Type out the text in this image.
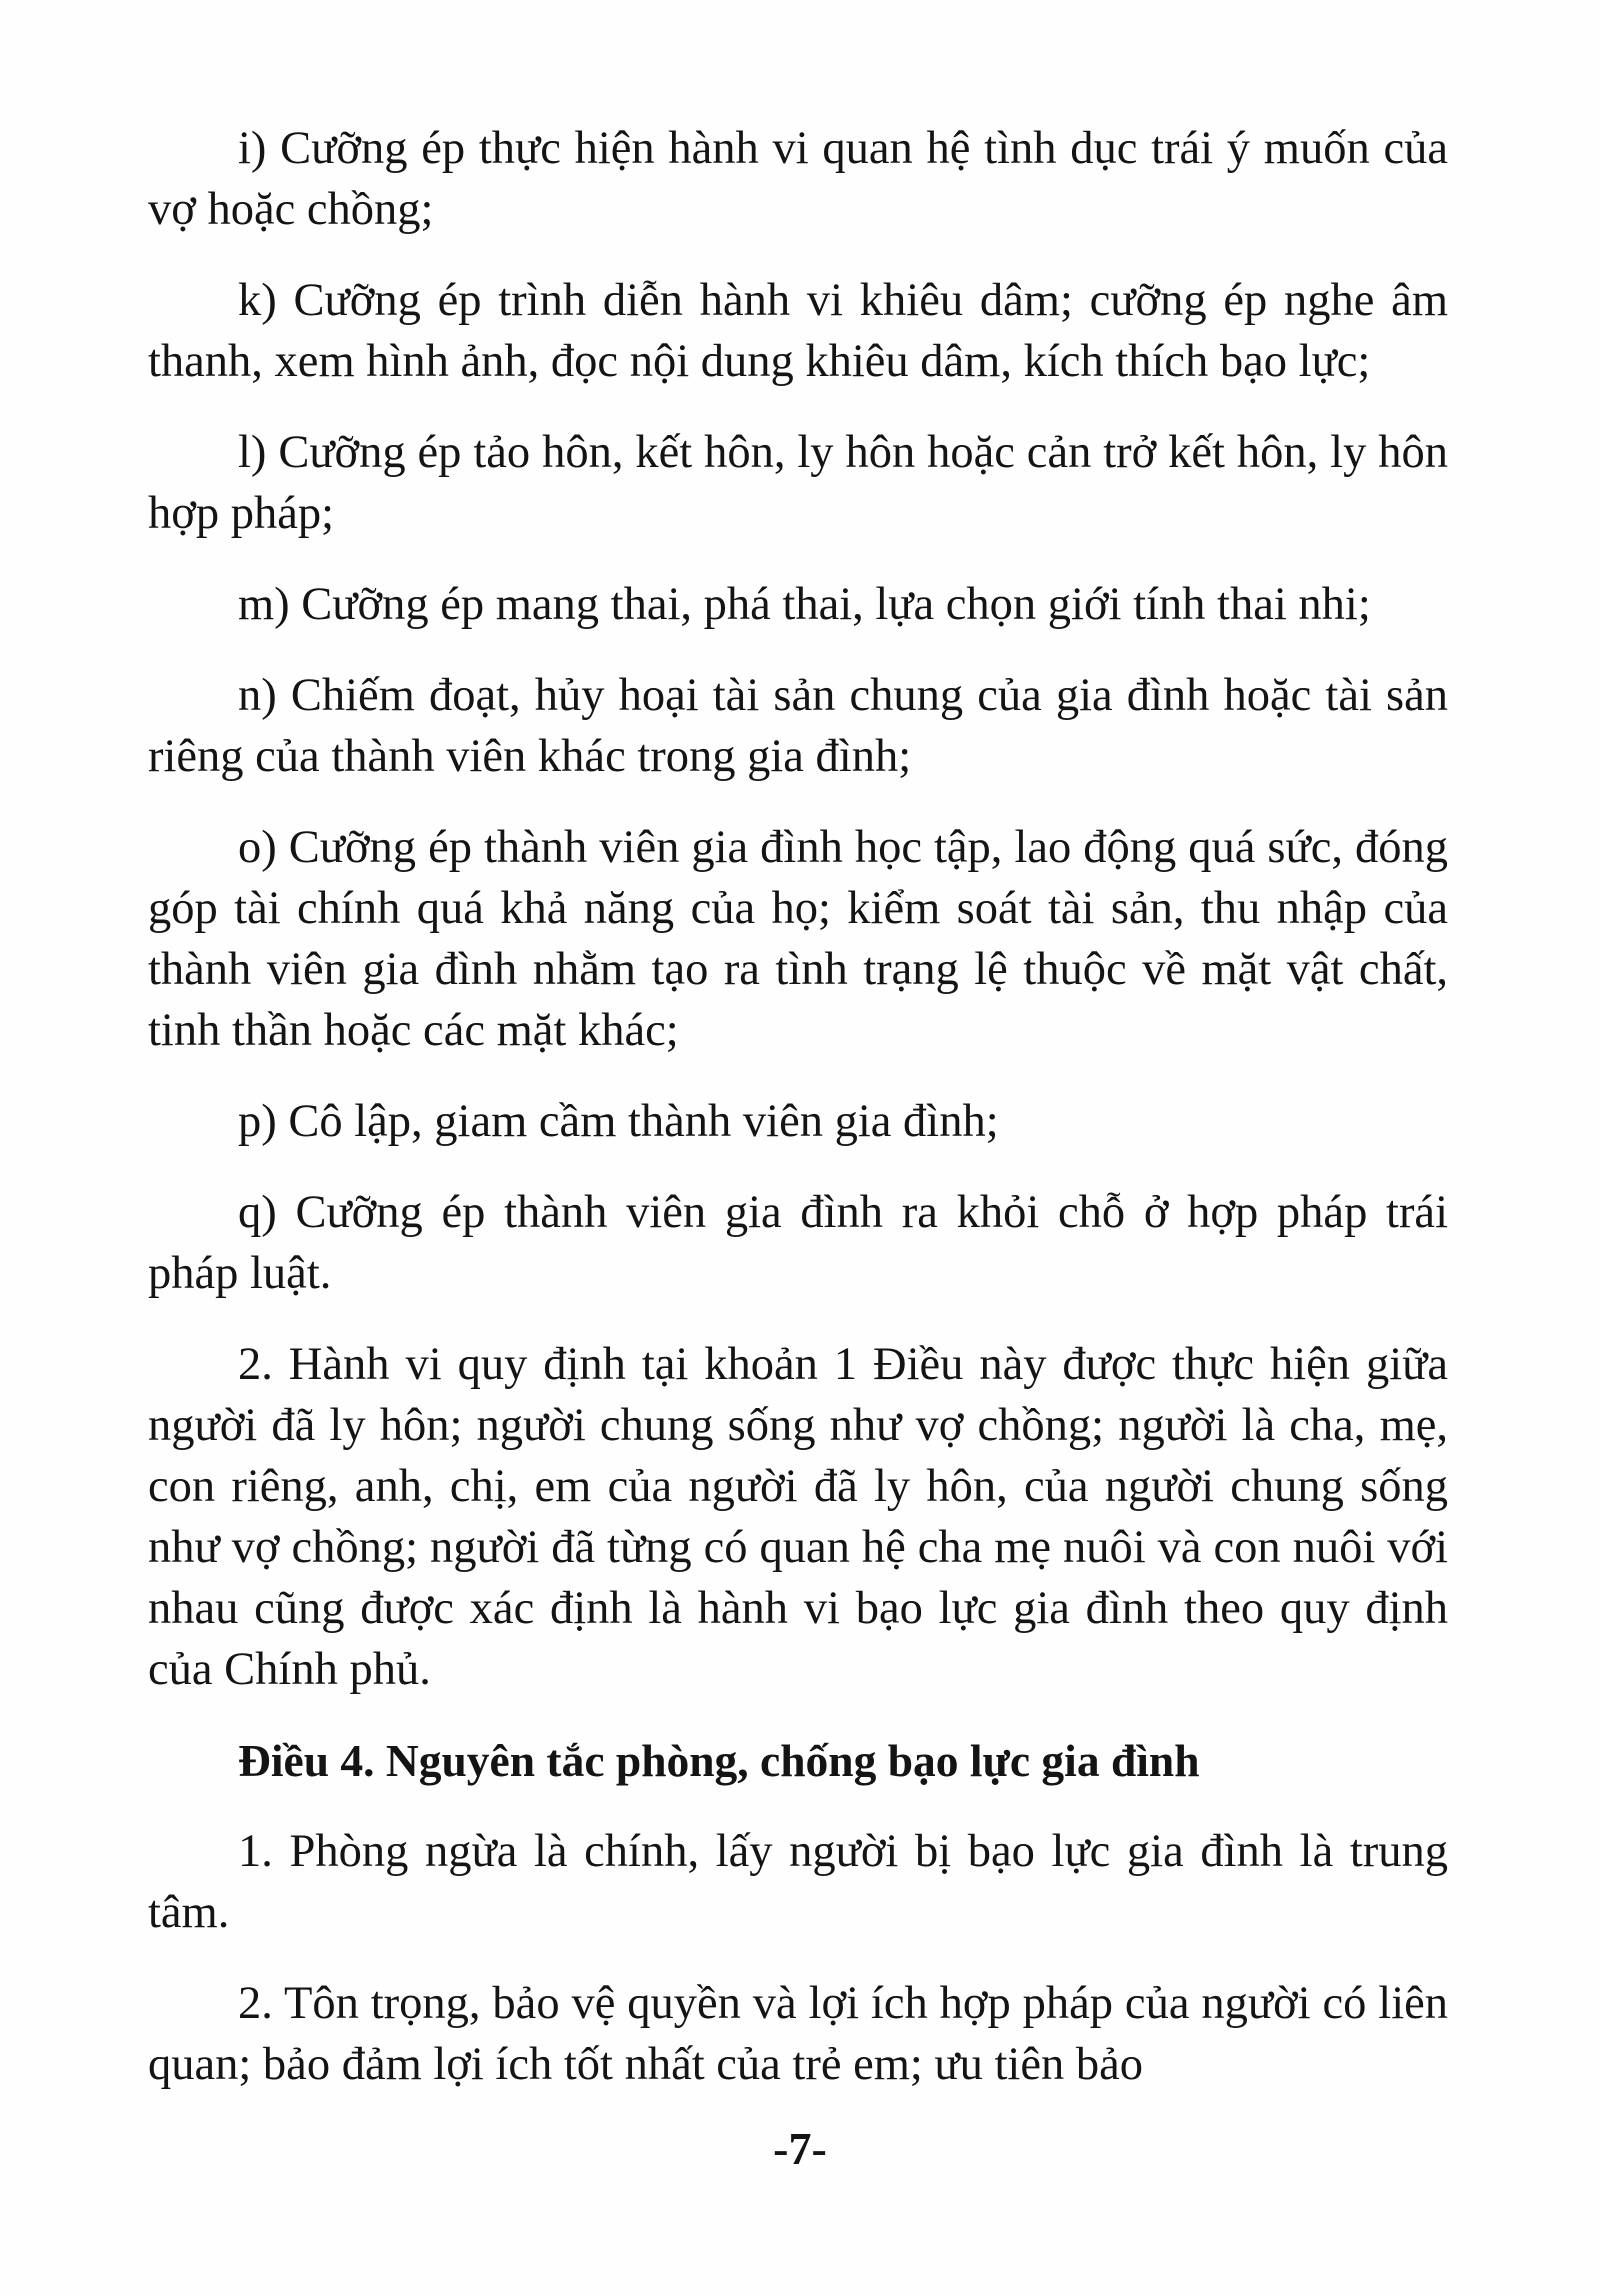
i) Cưỡng ép thực hiện hành vi quan hệ tình dục trái ý muốn của vợ hoặc chồng;

k) Cưỡng ép trình diễn hành vi khiêu dâm; cưỡng ép nghe âm thanh, xem hình ảnh, đọc nội dung khiêu dâm, kích thích bạo lực;

l) Cưỡng ép tảo hôn, kết hôn, ly hôn hoặc cản trở kết hôn, ly hôn hợp pháp;

m) Cưỡng ép mang thai, phá thai, lựa chọn giới tính thai nhi;

n) Chiếm đoạt, hủy hoại tài sản chung của gia đình hoặc tài sản riêng của thành viên khác trong gia đình;

o) Cưỡng ép thành viên gia đình học tập, lao động quá sức, đóng góp tài chính quá khả năng của họ; kiểm soát tài sản, thu nhập của thành viên gia đình nhằm tạo ra tình trạng lệ thuộc về mặt vật chất, tinh thần hoặc các mặt khác;

p) Cô lập, giam cầm thành viên gia đình;

q) Cưỡng ép thành viên gia đình ra khỏi chỗ ở hợp pháp trái pháp luật.

2. Hành vi quy định tại khoản 1 Điều này được thực hiện giữa người đã ly hôn; người chung sống như vợ chồng; người là cha, mẹ, con riêng, anh, chị, em của người đã ly hôn, của người chung sống như vợ chồng; người đã từng có quan hệ cha mẹ nuôi và con nuôi với nhau cũng được xác định là hành vi bạo lực gia đình theo quy định của Chính phủ.

Điều 4. Nguyên tắc phòng, chống bạo lực gia đình

1. Phòng ngừa là chính, lấy người bị bạo lực gia đình là trung tâm.

2. Tôn trọng, bảo vệ quyền và lợi ích hợp pháp của người có liên quan; bảo đảm lợi ích tốt nhất của trẻ em; ưu tiên bảo

-7-
